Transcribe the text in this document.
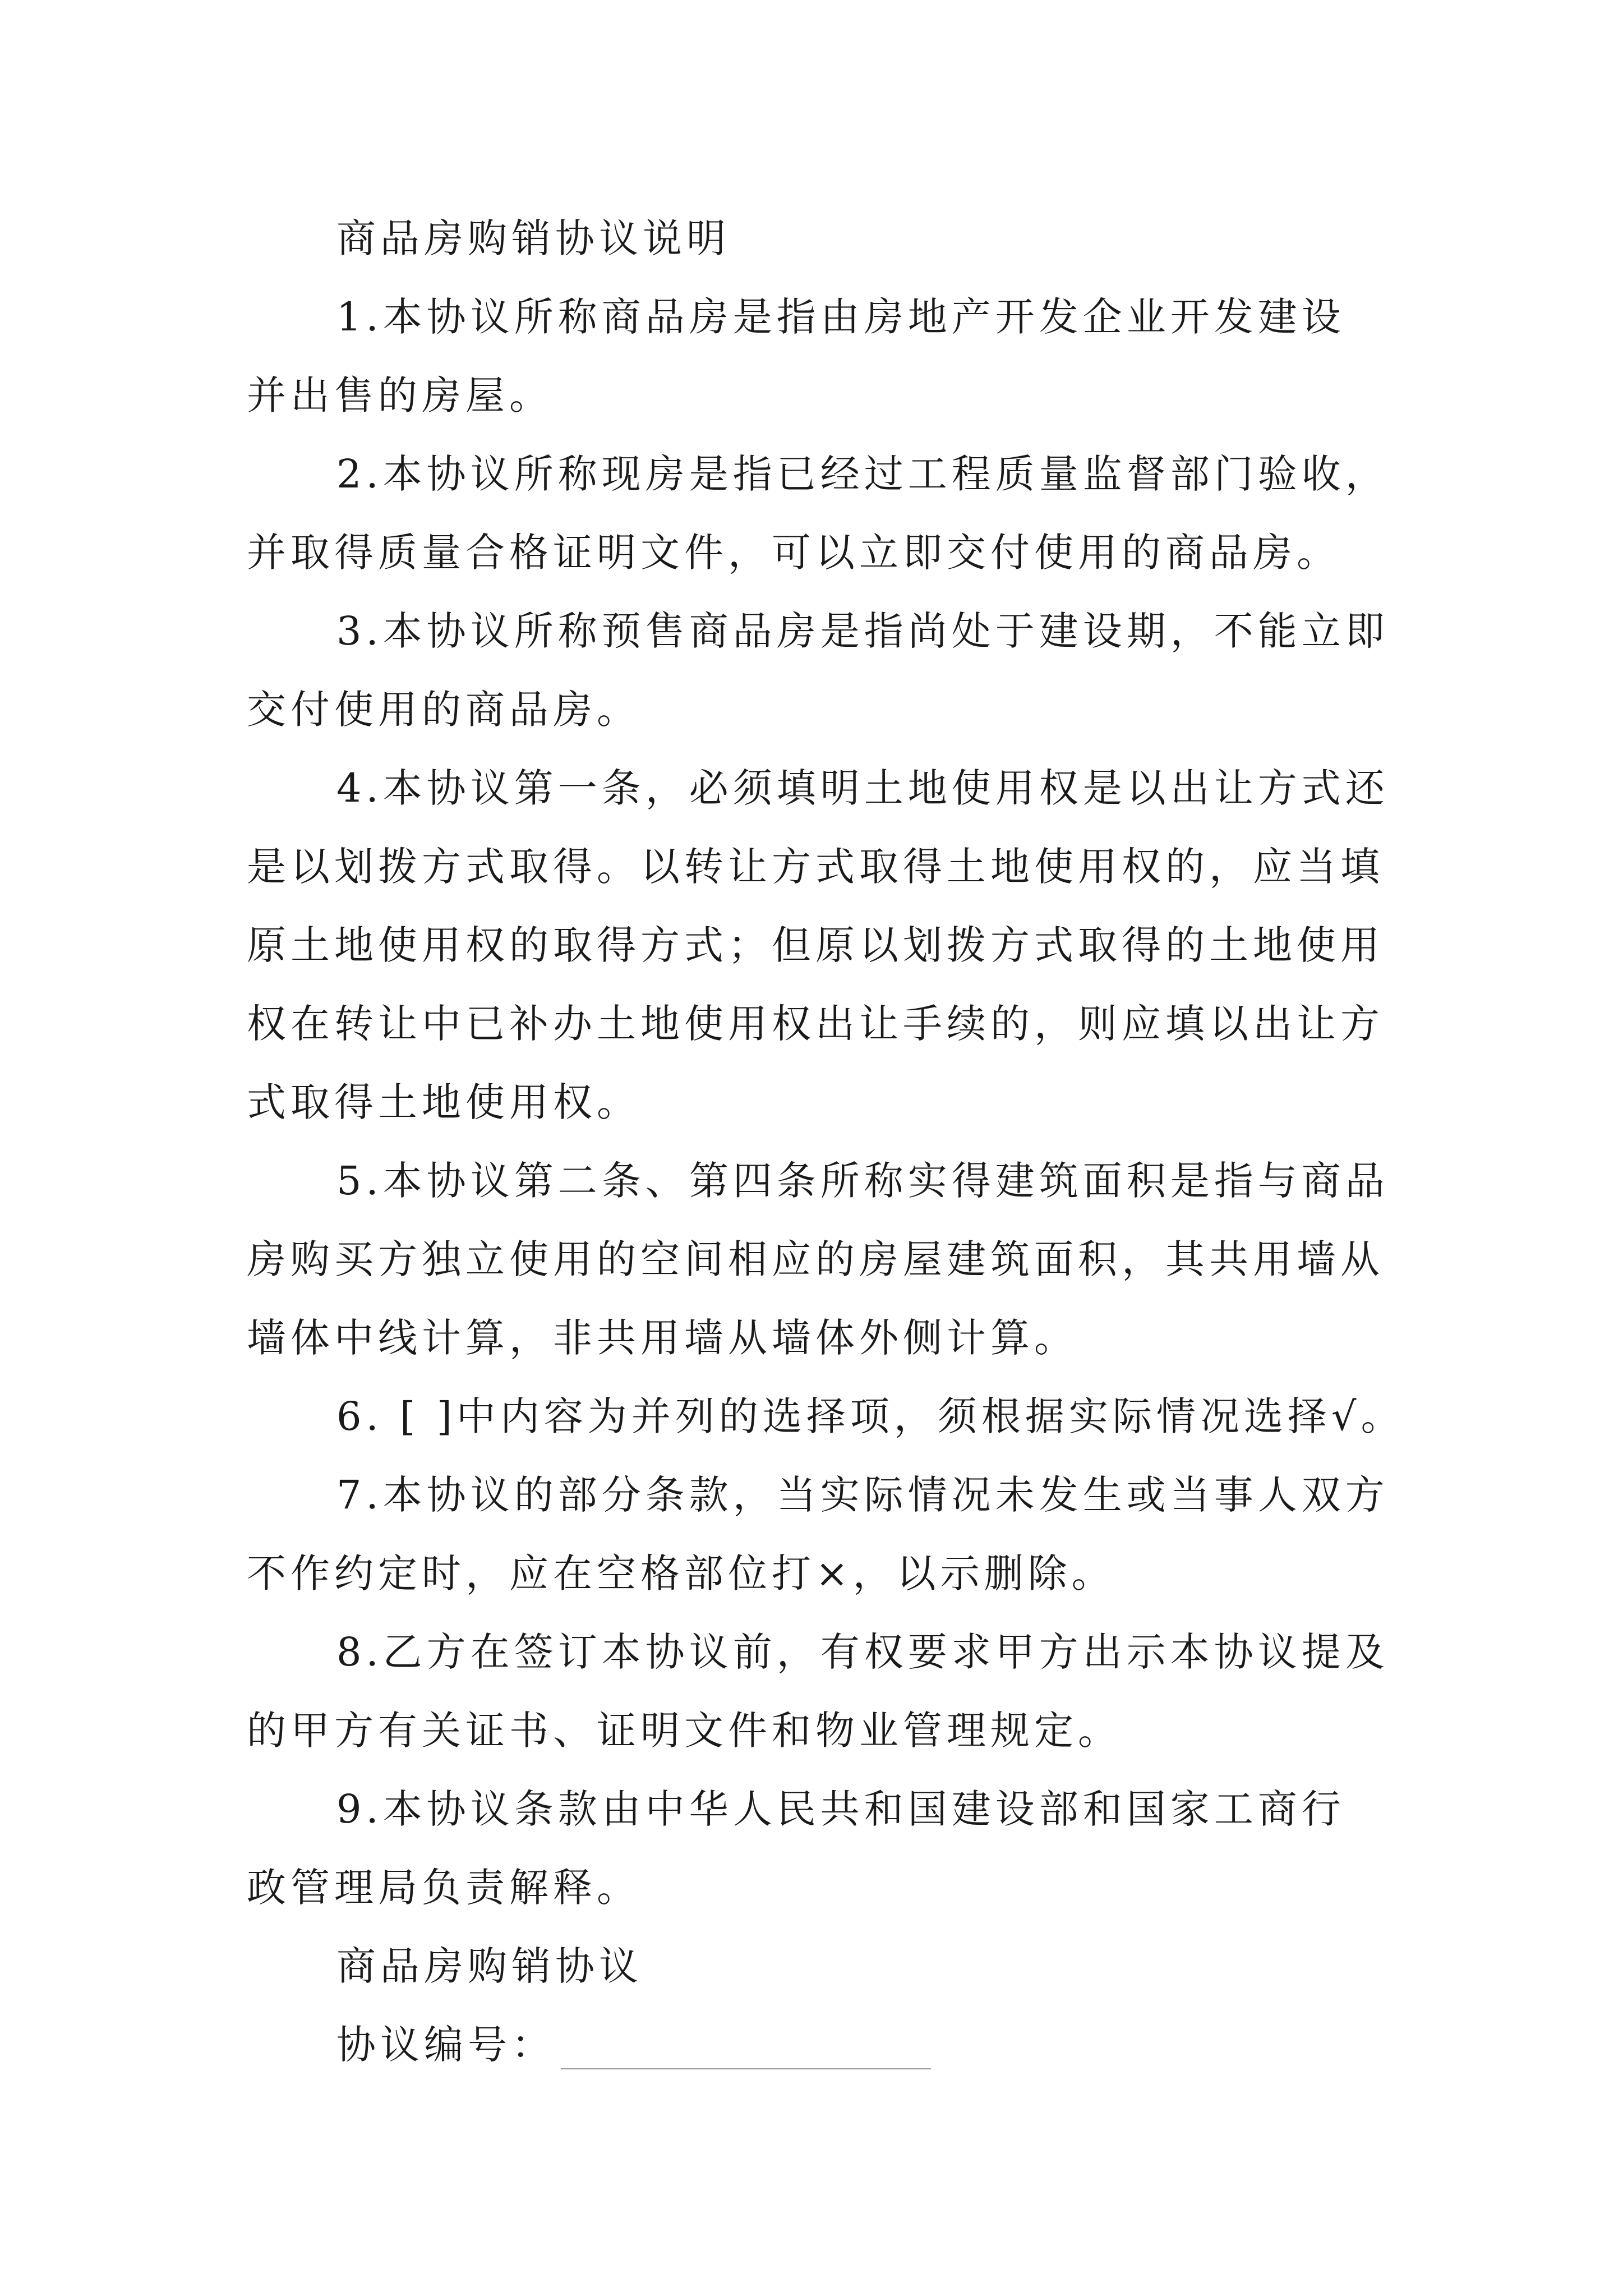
商品房购销协议说明
1.本协议所称商品房是指由房地产开发企业开发建设
并出售的房屋。
2.本协议所称现房是指已经过工程质量监督部门验收，
并取得质量合格证明文件，可以立即交付使用的商品房。
3.本协议所称预售商品房是指尚处于建设期，不能立即
交付使用的商品房。
4.本协议第一条，必须填明土地使用权是以出让方式还
是以划拨方式取得。以转让方式取得土地使用权的，应当填
原土地使用权的取得方式；但原以划拨方式取得的土地使用
权在转让中已补办土地使用权出让手续的，则应填以出让方
式取得土地使用权。
5.本协议第二条、第四条所称实得建筑面积是指与商品
房购买方独立使用的空间相应的房屋建筑面积，其共用墙从
墙体中线计算，非共用墙从墙体外侧计算。
6. [ ]中内容为并列的选择项，须根据实际情况选择√。
7.本协议的部分条款，当实际情况未发生或当事人双方
不作约定时，应在空格部位打×，以示删除。
8.乙方在签订本协议前，有权要求甲方出示本协议提及
的甲方有关证书、证明文件和物业管理规定。
9.本协议条款由中华人民共和国建设部和国家工商行
政管理局负责解释。
商品房购销协议
协议编号：
